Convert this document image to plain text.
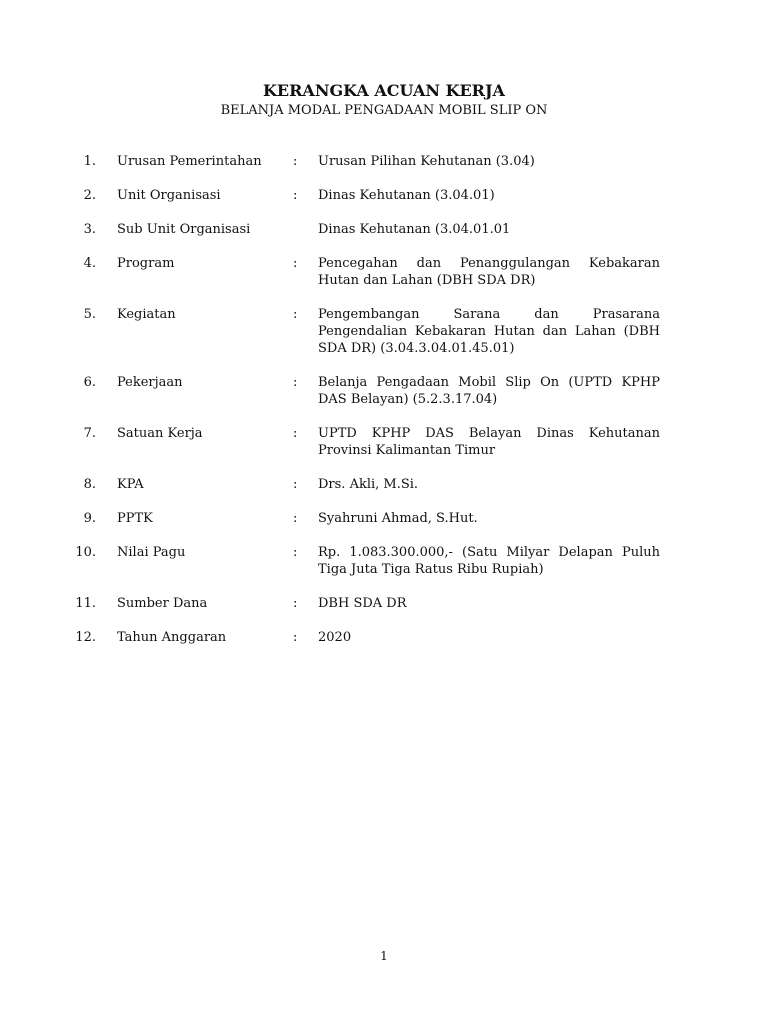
KERANGKA ACUAN KERJA
BELANJA MODAL PENGADAAN MOBIL SLIP ON
1. Urusan Pemerintahan	: Urusan Pilihan Kehutanan (3.04)
2. Unit Organisasi	: Dinas Kehutanan (3.04.01)
3. Sub Unit Organisasi	Dinas Kehutanan (3.04.01.01
4. Program	: Pencegahan dan Penanggulangan Kebakaran Hutan dan Lahan (DBH SDA DR)
5. Kegiatan	: Pengembangan Sarana dan Prasarana Pengendalian Kebakaran Hutan dan Lahan (DBH SDA DR) (3.04.3.04.01.45.01)
6. Pekerjaan	: Belanja Pengadaan Mobil Slip On (UPTD KPHP DAS Belayan) (5.2.3.17.04)
7. Satuan Kerja	: UPTD KPHP DAS Belayan Dinas Kehutanan Provinsi Kalimantan Timur
8. KPA	: Drs. Akli, M.Si.
9. PPTK	: Syahruni Ahmad, S.Hut.
10. Nilai Pagu	: Rp. 1.083.300.000,- (Satu Milyar Delapan Puluh Tiga Juta Tiga Ratus Ribu Rupiah)
11. Sumber Dana	: DBH SDA DR
12. Tahun Anggaran	: 2020
1
